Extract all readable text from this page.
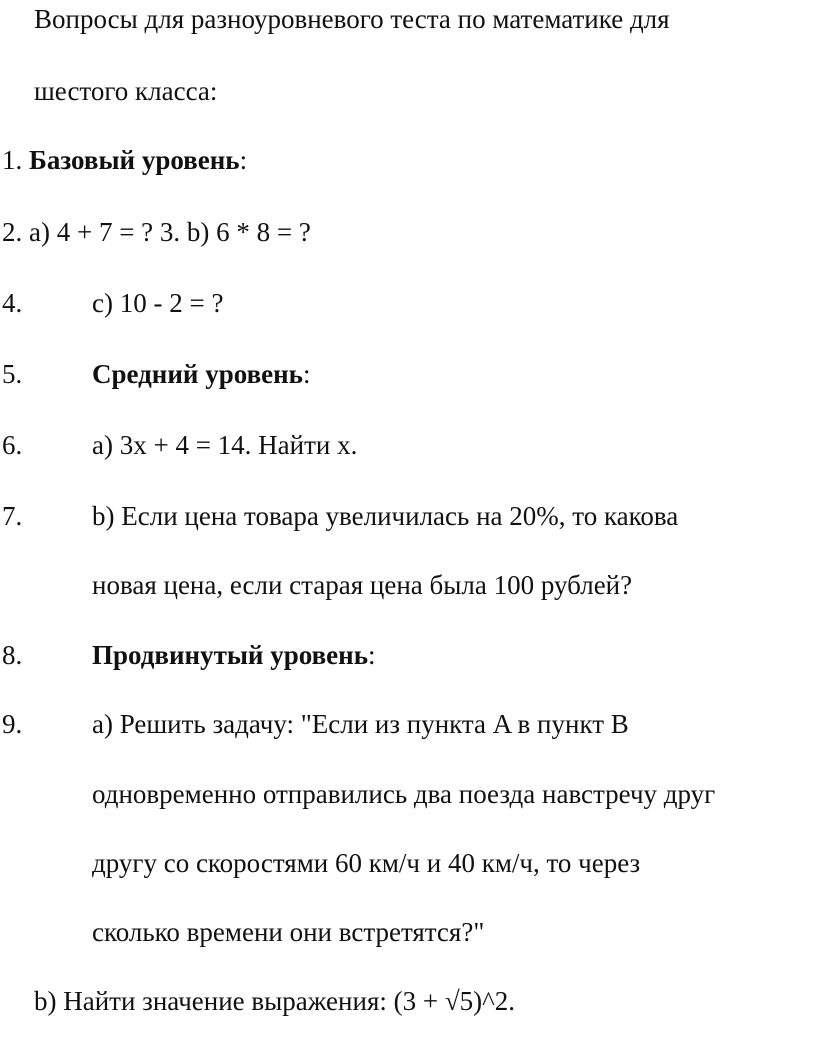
Вопросы для разноуровневого теста по математике для
шестого класса:
1. Базовый уровень:
2. a) 4 + 7 = ? 3. b) 6 * 8 = ?
4.	c) 10 - 2 = ?
5.	Средний уровень:
6.	a) 3x + 4 = 14. Найти x.
7.	b) Если цена товара увеличилась на 20%, то какова
новая цена, если старая цена была 100 рублей?
8.	Продвинутый уровень:
9.	a) Решить задачу: "Если из пункта A в пункт B
одновременно отправились два поезда навстречу друг
другу со скоростями 60 км/ч и 40 км/ч, то через
сколько времени они встретятся?"
b) Найти значение выражения: (3 + √5)^2.
